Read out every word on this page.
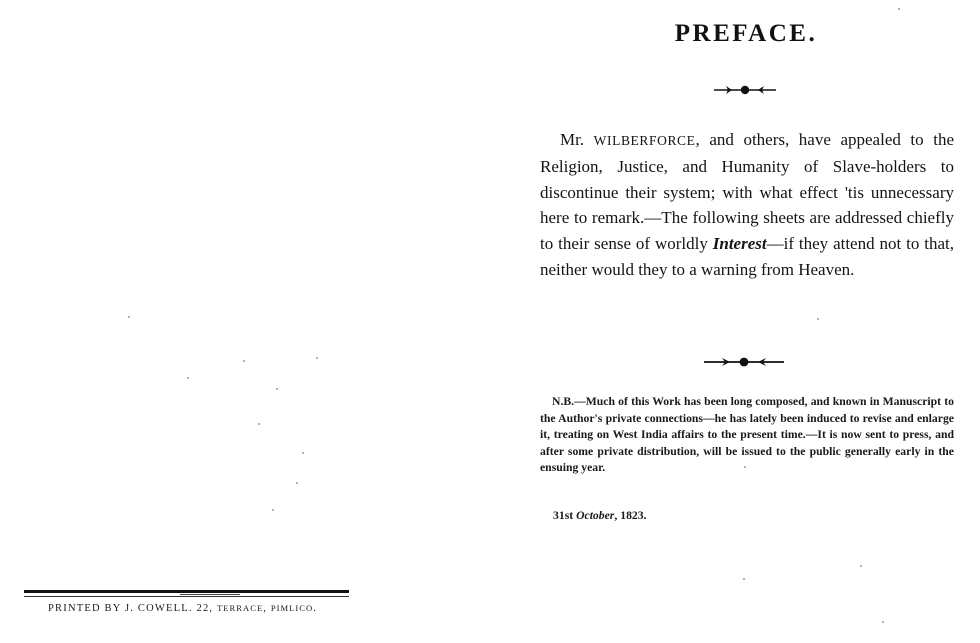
PRINTED BY J. COWELL. 22, TERRACE, PIMLICO.
PREFACE.
Mr. WILBERFORCE, and others, have appealed to the Religion, Justice, and Humanity of Slave-holders to discontinue their system; with what effect 'tis unnecessary here to remark.—The following sheets are addressed chiefly to their sense of worldly Interest—if they attend not to that, neither would they to a warning from Heaven.
N.B.—Much of this Work has been long composed, and known in Manuscript to the Author's private connections—he has lately been induced to revise and enlarge it, treating on West India affairs to the present time.—It is now sent to press, and after some private distribution, will be issued to the public generally early in the ensuing year.
31st October, 1823.
